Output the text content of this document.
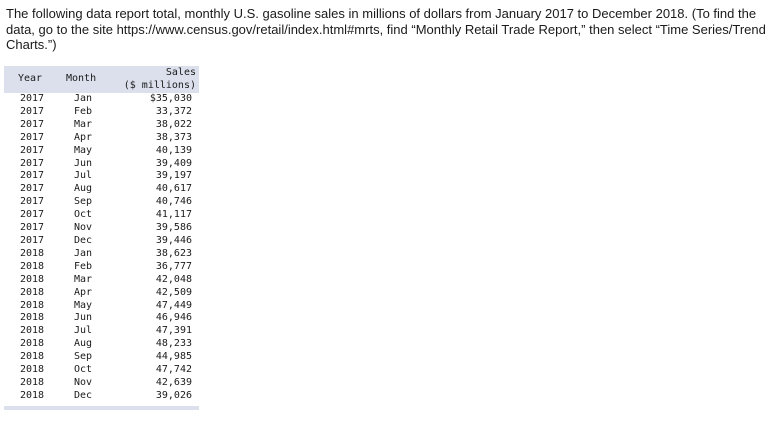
The following data report total, monthly U.S. gasoline sales in millions of dollars from January 2017 to December 2018. (To find the data, go to the site https://www.census.gov/retail/index.html#mrts, find “Monthly Retail Trade Report,” then select “Time Series/Trend Charts.”)

Year	Month	Sales
($ millions)

2017	Jan	$35,030
2017	Feb	33,372
2017	Mar	38,022
2017	Apr	38,373
2017	May	40,139
2017	Jun	39,409
2017	Jul	39,197
2017	Aug	40,617
2017	Sep	40,746
2017	Oct	41,117
2017	Nov	39,586
2017	Dec	39,446
2018	Jan	38,623
2018	Feb	36,777
2018	Mar	42,048
2018	Apr	42,509
2018	May	47,449
2018	Jun	46,946
2018	Jul	47,391
2018	Aug	48,233
2018	Sep	44,985
2018	Oct	47,742
2018	Nov	42,639
2018	Dec	39,026
